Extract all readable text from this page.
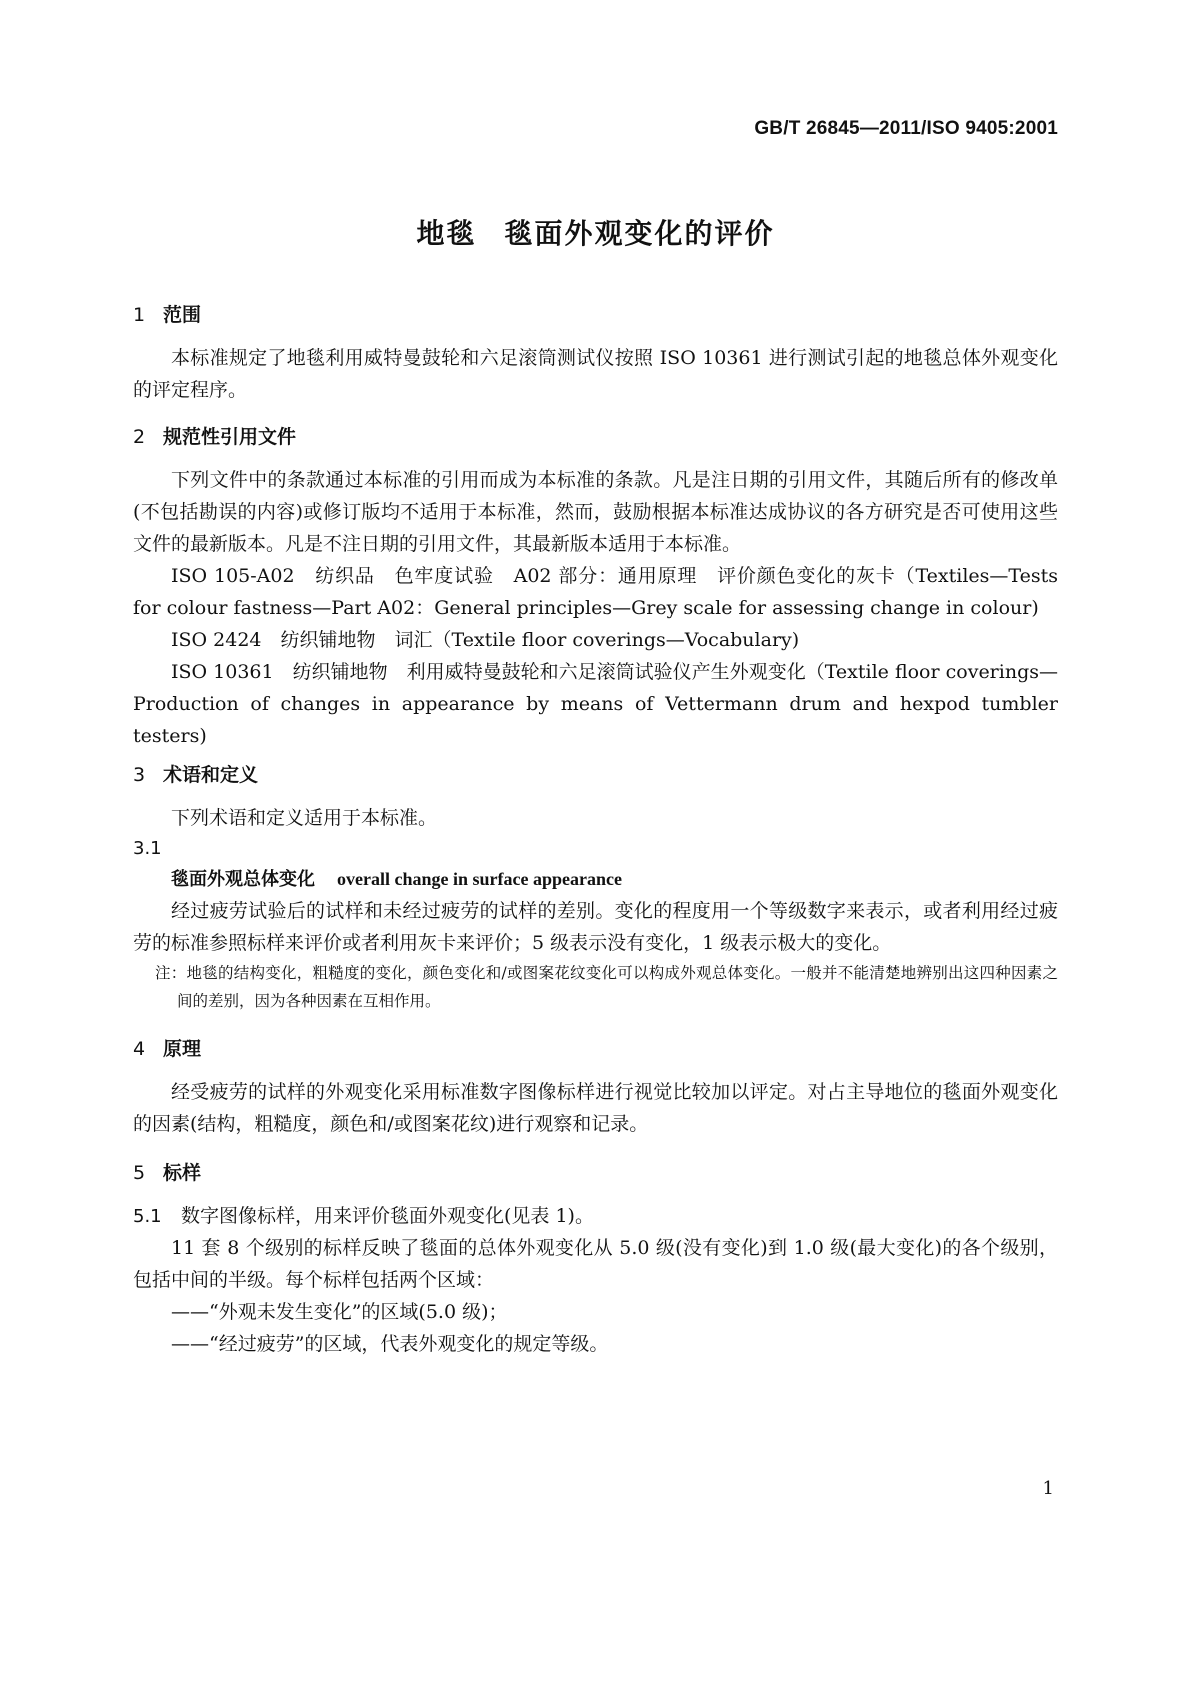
GB/T 26845—2011/ISO 9405:2001
地毯 毯面外观变化的评价
1 范围

本标准规定了地毯利用威特曼鼓轮和六足滚筒测试仪按照 ISO 10361 进行测试引起的地毯总体外观变化的评定程序。

2 规范性引用文件

下列文件中的条款通过本标准的引用而成为本标准的条款。凡是注日期的引用文件，其随后所有的修改单(不包括勘误的内容)或修订版均不适用于本标准，然而，鼓励根据本标准达成协议的各方研究是否可使用这些文件的最新版本。凡是不注日期的引用文件，其最新版本适用于本标准。

ISO 105-A02　纺织品　色牢度试验　A02 部分：通用原理　评价颜色变化的灰卡（Textiles—Tests for colour fastness—Part A02：General principles—Grey scale for assessing change in colour)

ISO 2424　纺织铺地物　词汇（Textile floor coverings—Vocabulary)

ISO 10361　纺织铺地物　利用威特曼鼓轮和六足滚筒试验仪产生外观变化（Textile floor coverings—Production of changes in appearance by means of Vettermann drum and hexpod tumbler testers)

3 术语和定义

下列术语和定义适用于本标准。

3.1
毯面外观总体变化 overall change in surface appearance

经过疲劳试验后的试样和未经过疲劳的试样的差别。变化的程度用一个等级数字来表示，或者利用经过疲劳的标准参照标样来评价或者利用灰卡来评价；5 级表示没有变化，1 级表示极大的变化。

注：地毯的结构变化，粗糙度的变化，颜色变化和/或图案花纹变化可以构成外观总体变化。一般并不能清楚地辨别出这四种因素之间的差别，因为各种因素在互相作用。
4 原理

经受疲劳的试样的外观变化采用标准数字图像标样进行视觉比较加以评定。对占主导地位的毯面外观变化的因素(结构，粗糙度，颜色和/或图案花纹)进行观察和记录。

5 标样

5.1 数字图像标样，用来评价毯面外观变化(见表 1)。

11 套 8 个级别的标样反映了毯面的总体外观变化从 5.0 级(没有变化)到 1.0 级(最大变化)的各个级别，包括中间的半级。每个标样包括两个区域：

——“外观未发生变化”的区域(5.0 级)；
——“经过疲劳”的区域，代表外观变化的规定等级。
1
